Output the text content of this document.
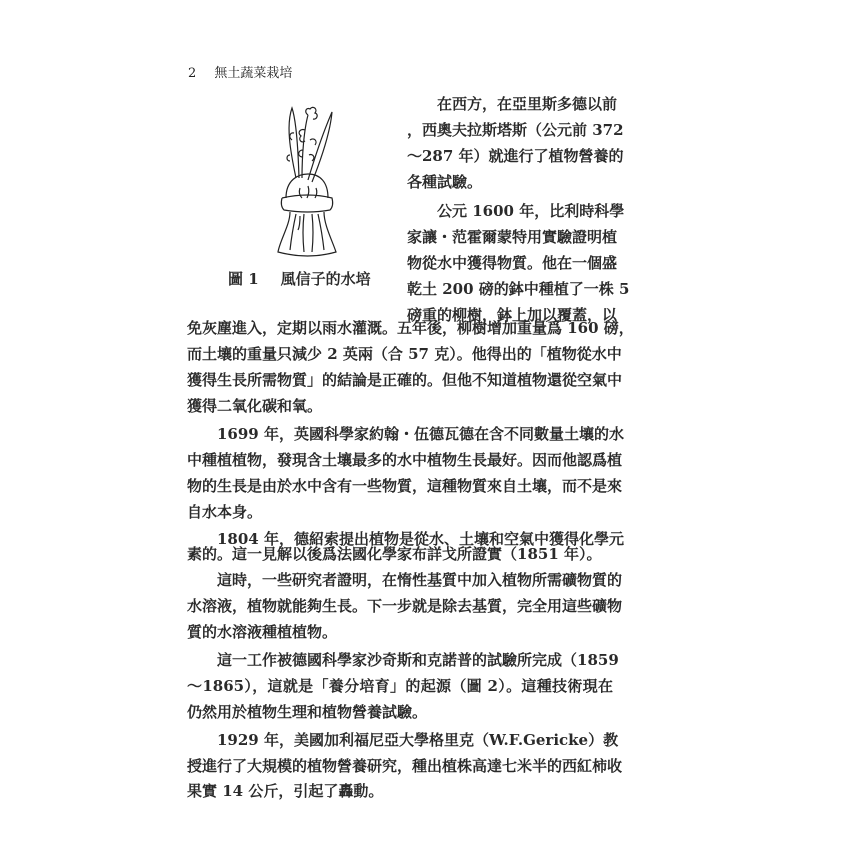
2 無土蔬菜栽培
圖 1 風信子的水培
在西方，在亞里斯多德以前
，西奧夫拉斯塔斯（公元前 372
～287 年）就進行了植物營養的
各種試驗。
公元 1600 年，比利時科學
家讓・范霍爾蒙特用實驗證明植
物從水中獲得物質。他在一個盛
乾土 200 磅的鉢中種植了一株 5
磅重的柳樹，鉢上加以覆蓋，以
免灰塵進入，定期以雨水灌溉。五年後，柳樹增加重量爲 160 磅，
而土壤的重量只減少 2 英兩（合 57 克）。他得出的「植物從水中
獲得生長所需物質」的結論是正確的。但他不知道植物還從空氣中
獲得二氧化碳和氧。
1699 年，英國科學家約翰・伍德瓦德在含不同數量土壤的水
中種植植物，發現含土壤最多的水中植物生長最好。因而他認爲植
物的生長是由於水中含有一些物質，這種物質來自土壤，而不是來
自水本身。
1804 年，德紹索提出植物是從水、土壤和空氣中獲得化學元
素的。這一見解以後爲法國化學家布詳戈所證實（1851 年）。
這時，一些研究者證明，在惰性基質中加入植物所需礦物質的
水溶液，植物就能夠生長。下一步就是除去基質，完全用這些礦物
質的水溶液種植植物。
這一工作被德國科學家沙奇斯和克諾普的試驗所完成（1859
～1865），這就是「養分培育」的起源（圖 2）。這種技術現在
仍然用於植物生理和植物營養試驗。
1929 年，美國加利福尼亞大學格里克（W.F.Gericke）教
授進行了大規模的植物營養研究，種出植株高達七米半的西紅柿收
果實 14 公斤，引起了轟動。
